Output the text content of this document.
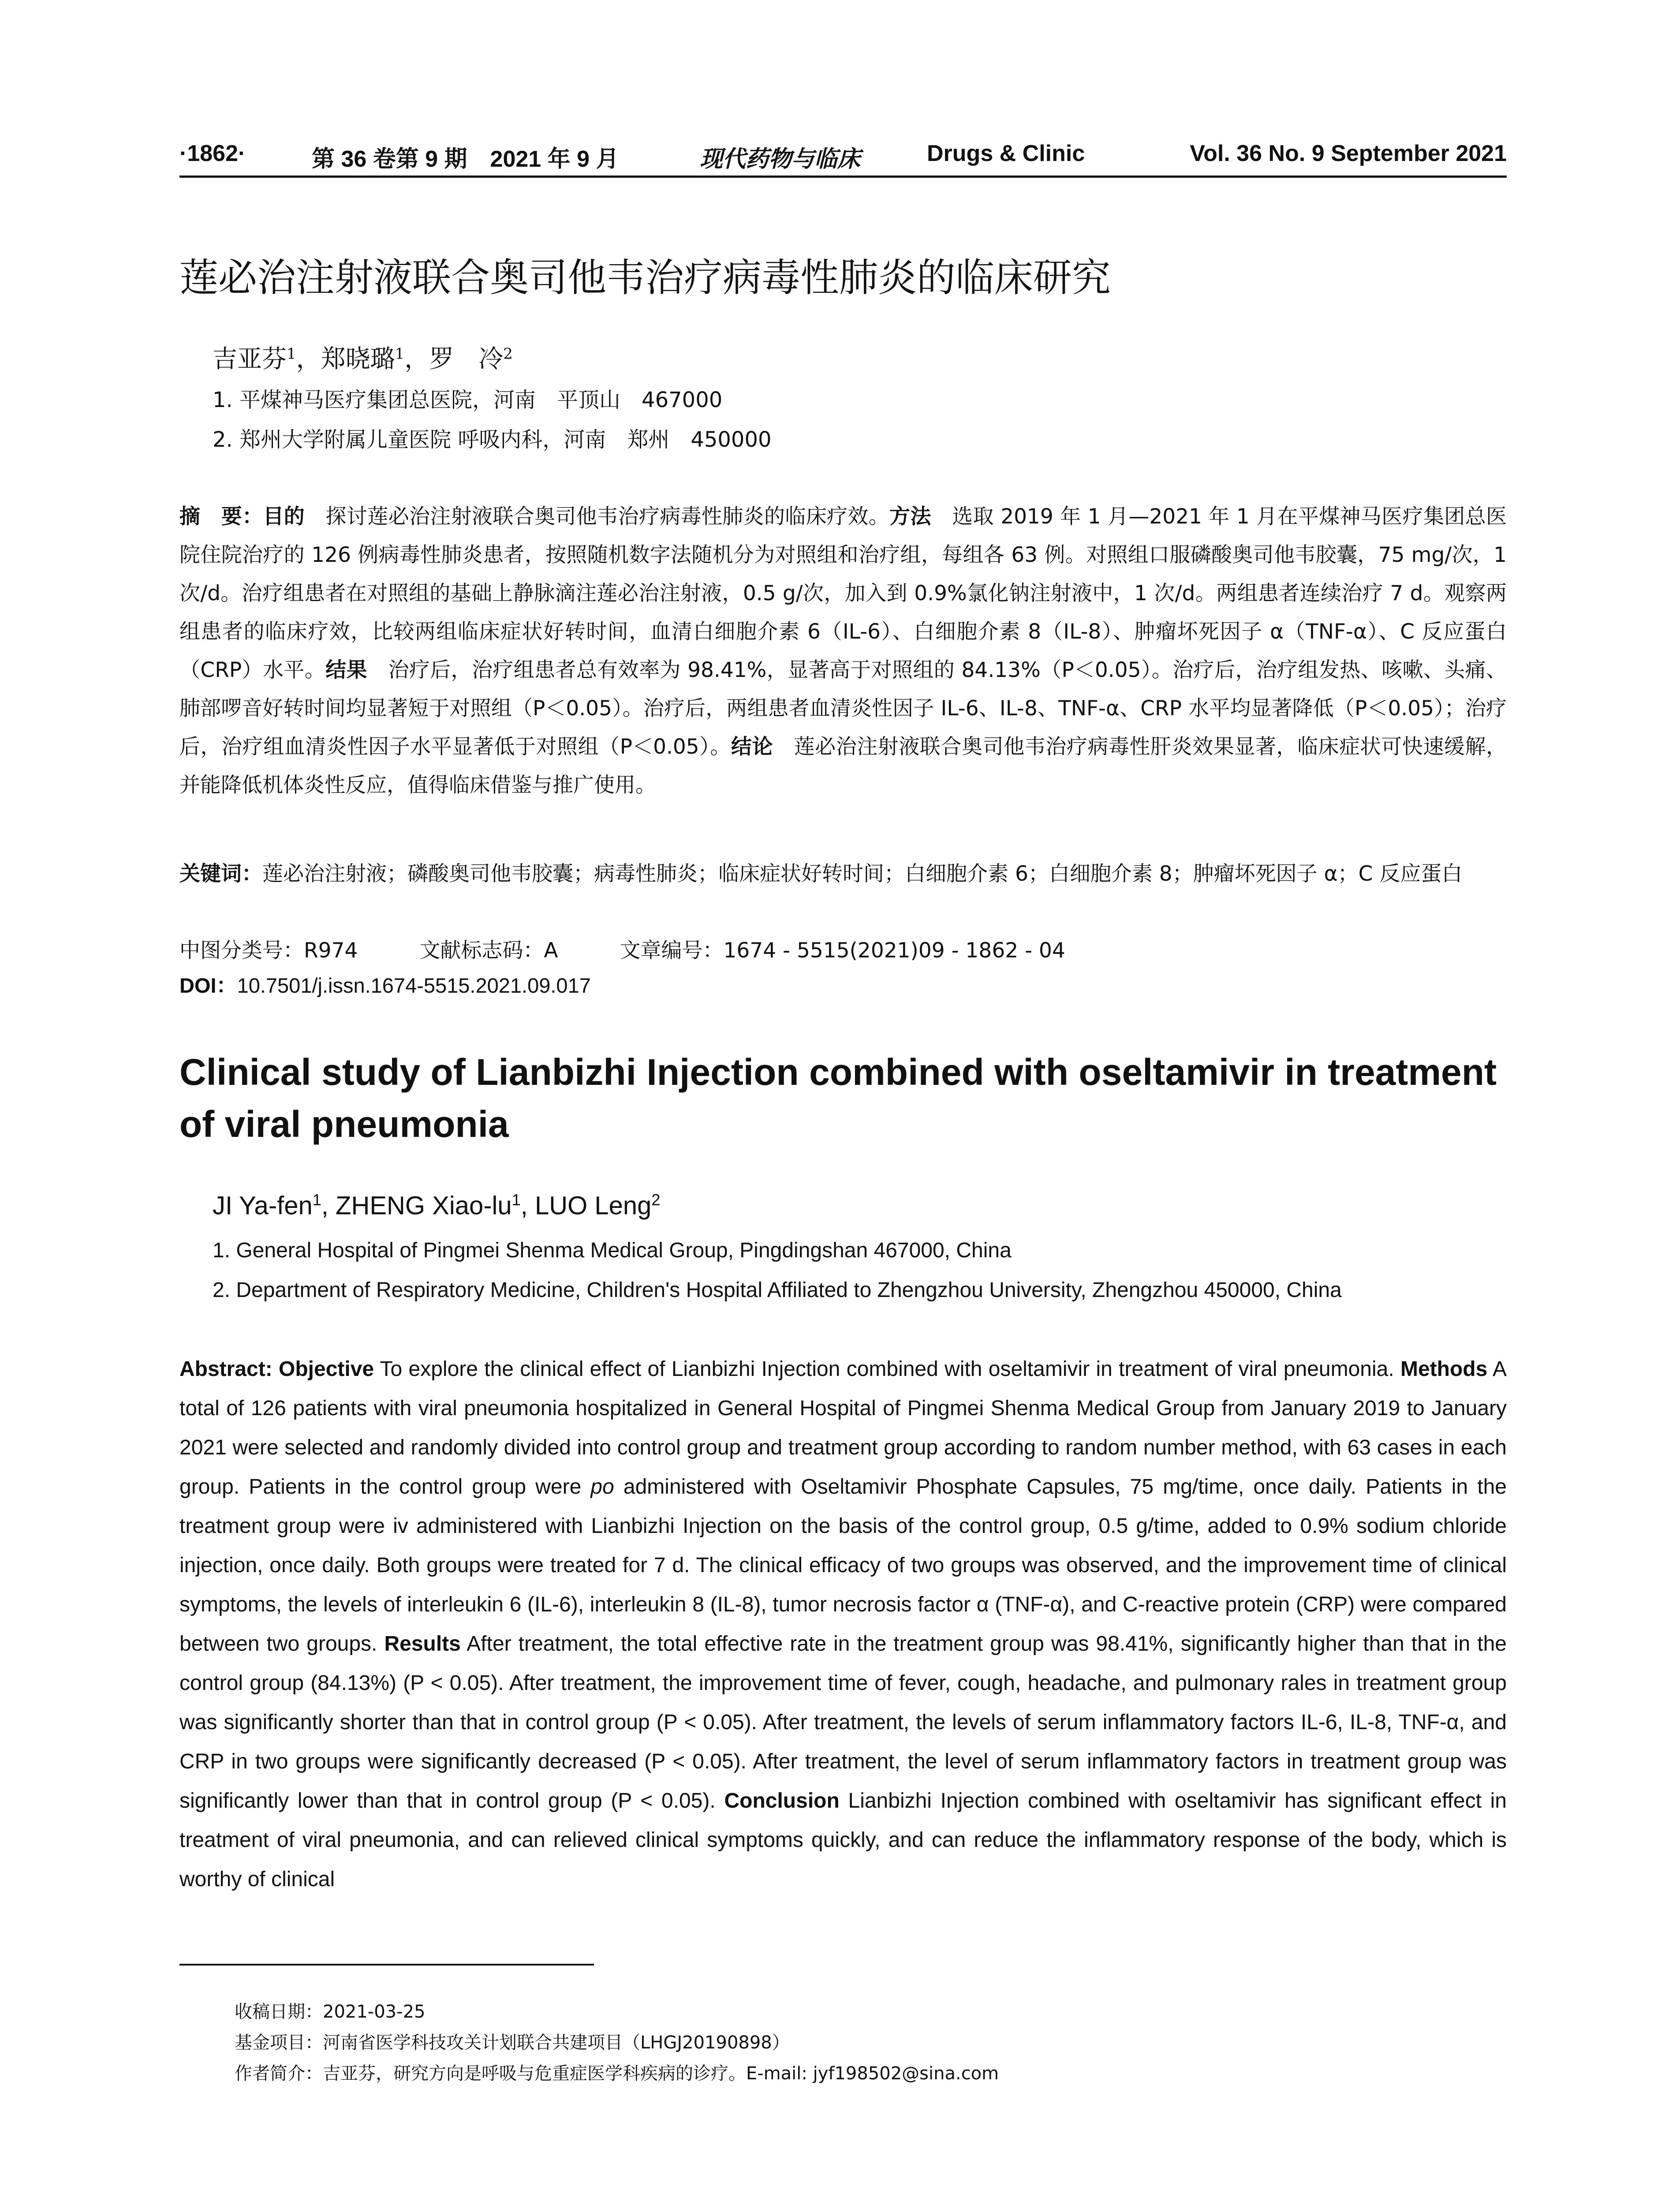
·1862·	第 36 卷第 9 期　2021 年 9 月	现代药物与临床	Drugs & Clinic	Vol. 36 No. 9 September 2021
莲必治注射液联合奥司他韦治疗病毒性肺炎的临床研究
吉亚芬$^1$，郑晓璐$^1$，罗　冷$^2$
1. 平煤神马医疗集团总医院，河南　平顶山　467000
2. 郑州大学附属儿童医院 呼吸内科，河南　郑州　450000
摘　要：目的　探讨莲必治注射液联合奥司他韦治疗病毒性肺炎的临床疗效。方法　选取 2019 年 1 月—2021 年 1 月在平煤神马医疗集团总医院住院治疗的 126 例病毒性肺炎患者，按照随机数字法随机分为对照组和治疗组，每组各 63 例。对照组口服磷酸奥司他韦胶囊，75 mg/次，1 次/d。治疗组患者在对照组的基础上静脉滴注莲必治注射液，0.5 g/次，加入到 0.9%氯化钠注射液中，1 次/d。两组患者连续治疗 7 d。观察两组患者的临床疗效，比较两组临床症状好转时间，血清白细胞介素 6（IL-6）、白细胞介素 8（IL-8）、肿瘤坏死因子 α（TNF-α）、C 反应蛋白（CRP）水平。结果　治疗后，治疗组患者总有效率为 98.41%，显著高于对照组的 84.13%（P＜0.05）。治疗后，治疗组发热、咳嗽、头痛、肺部啰音好转时间均显著短于对照组（P＜0.05）。治疗后，两组患者血清炎性因子 IL-6、IL-8、TNF-α、CRP 水平均显著降低（P＜0.05）；治疗后，治疗组血清炎性因子水平显著低于对照组（P＜0.05）。结论　莲必治注射液联合奥司他韦治疗病毒性肝炎效果显著，临床症状可快速缓解，并能降低机体炎性反应，值得临床借鉴与推广使用。
关键词：莲必治注射液；磷酸奥司他韦胶囊；病毒性肺炎；临床症状好转时间；白细胞介素 6；白细胞介素 8；肿瘤坏死因子 α；C 反应蛋白
中图分类号：R974	文献标志码：A	文章编号：1674 - 5515(2021)09 - 1862 - 04
DOI：10.7501/j.issn.1674-5515.2021.09.017
Clinical study of Lianbizhi Injection combined with oseltamivir in treatment of viral pneumonia
JI Ya-fen$^1$, ZHENG Xiao-$lu^1$, LUO Leng$^2$
1. General Hospital of Pingmei Shenma Medical Group, Pingdingshan 467000, China
2. Department of Respiratory Medicine, Children's Hospital Affiliated to Zhengzhou University, Zhengzhou 450000, China
Abstract: Objective To explore the clinical effect of Lianbizhi Injection combined with oseltamivir in treatment of viral pneumonia. Methods A total of 126 patients with viral pneumonia hospitalized in General Hospital of Pingmei Shenma Medical Group from January 2019 to January 2021 were selected and randomly divided into control group and treatment group according to random number method, with 63 cases in each group. Patients in the control group were po administered with Oseltamivir Phosphate Capsules, 75 mg/time, once daily. Patients in the treatment group were iv administered with Lianbizhi Injection on the basis of the control group, 0.5 g/time, added to 0.9% sodium chloride injection, once daily. Both groups were treated for 7 d. The clinical efficacy of two groups was observed, and the improvement time of clinical symptoms, the levels of interleukin 6 (IL-6), interleukin 8 (IL-8), tumor necrosis factor α (TNF-α), and C-reactive protein (CRP) were compared between two groups. Results After treatment, the total effective rate in the treatment group was 98.41%, significantly higher than that in the control group (84.13%) (P < 0.05). After treatment, the improvement time of fever, cough, headache, and pulmonary rales in treatment group was significantly shorter than that in control group (P < 0.05). After treatment, the levels of serum inflammatory factors IL-6, IL-8, TNF-α, and CRP in two groups were significantly decreased (P < 0.05). After treatment, the level of serum inflammatory factors in treatment group was significantly lower than that in control group (P < 0.05). Conclusion Lianbizhi Injection combined with oseltamivir has significant effect in treatment of viral pneumonia, and can relieved clinical symptoms quickly, and can reduce the inflammatory response of the body, which is worthy of clinical
收稿日期：2021-03-25
基金项目：河南省医学科技攻关计划联合共建项目（LHGJ20190898）
作者简介：吉亚芬，研究方向是呼吸与危重症医学科疾病的诊疗。E-mail: jyf198502@sina.com
